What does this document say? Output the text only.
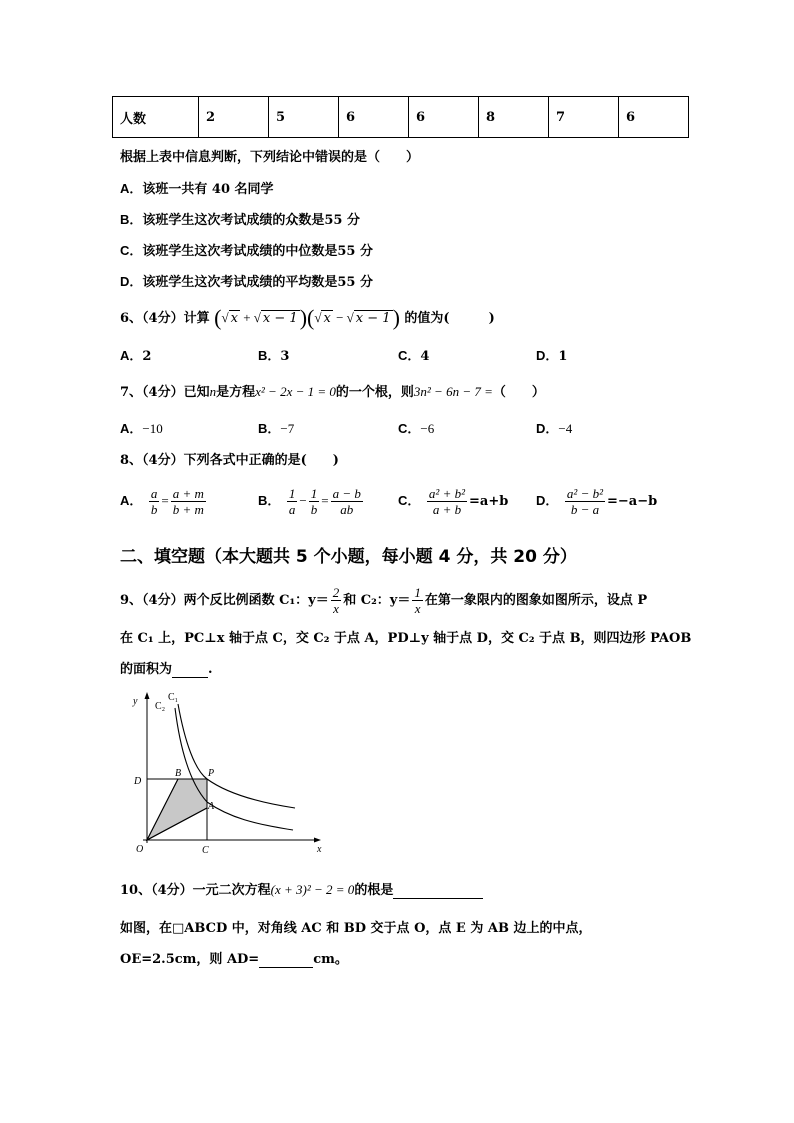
人数	2	5	6	6	8	7	6
根据上表中信息判断，下列结论中错误的是（　　）
A．该班一共有 40 名同学
B．该班学生这次考试成绩的众数是55 分
C．该班学生这次考试成绩的中位数是55 分
D．该班学生这次考试成绩的平均数是55 分
6、（4分）计算 (√ x + √ x − 1)(√ x − √ x − 1) 的值为(　　　)
A．2	B．3	C．4	D．1
7、（4分）已知n是方程x² − 2x − 1 = 0的一个根，则3n² − 6n − 7 =（　　）
A．−10	B．−7	C．−6	D．−4
8、（4分）下列各式中正确的是(　　)
A． $\frac{a}{b} = \frac{a + m}{b + m}$	B． $\frac{1}{a} - \frac{1}{b} = \frac{a - b}{ab}$	C． $\frac{\text{a² + b²}}{a + b} =a+b$ D． $\frac{\text{a² − b²}}{b - a} =-a-b$
二、填空题（本大题共 5 个小题，每小题 4 分，共 20 分）
9、（4分）两个反比例函数 C₁：$y= \frac{2}{x}$ 和 C₂：$y= \frac{1}{x}$ 在第一象限内的图象如图所示，设点 P
在 C₁ 上，PC⊥x 轴于点 C，交 C₂ 于点 A，PD⊥y 轴于点 D，交 C₂ 于点 B，则四边形 PAOB
的面积为	.
y
x
O
C₁
C₂
D
B	P
A
C
10、（4分）一元二次方程(x + 3)² − 2 = 0的根是
如图，在□ABCD 中，对角线 AC 和 BD 交于点 O，点 E 为 AB 边上的中点，
OE=2.5cm，则 AD=	cm。
